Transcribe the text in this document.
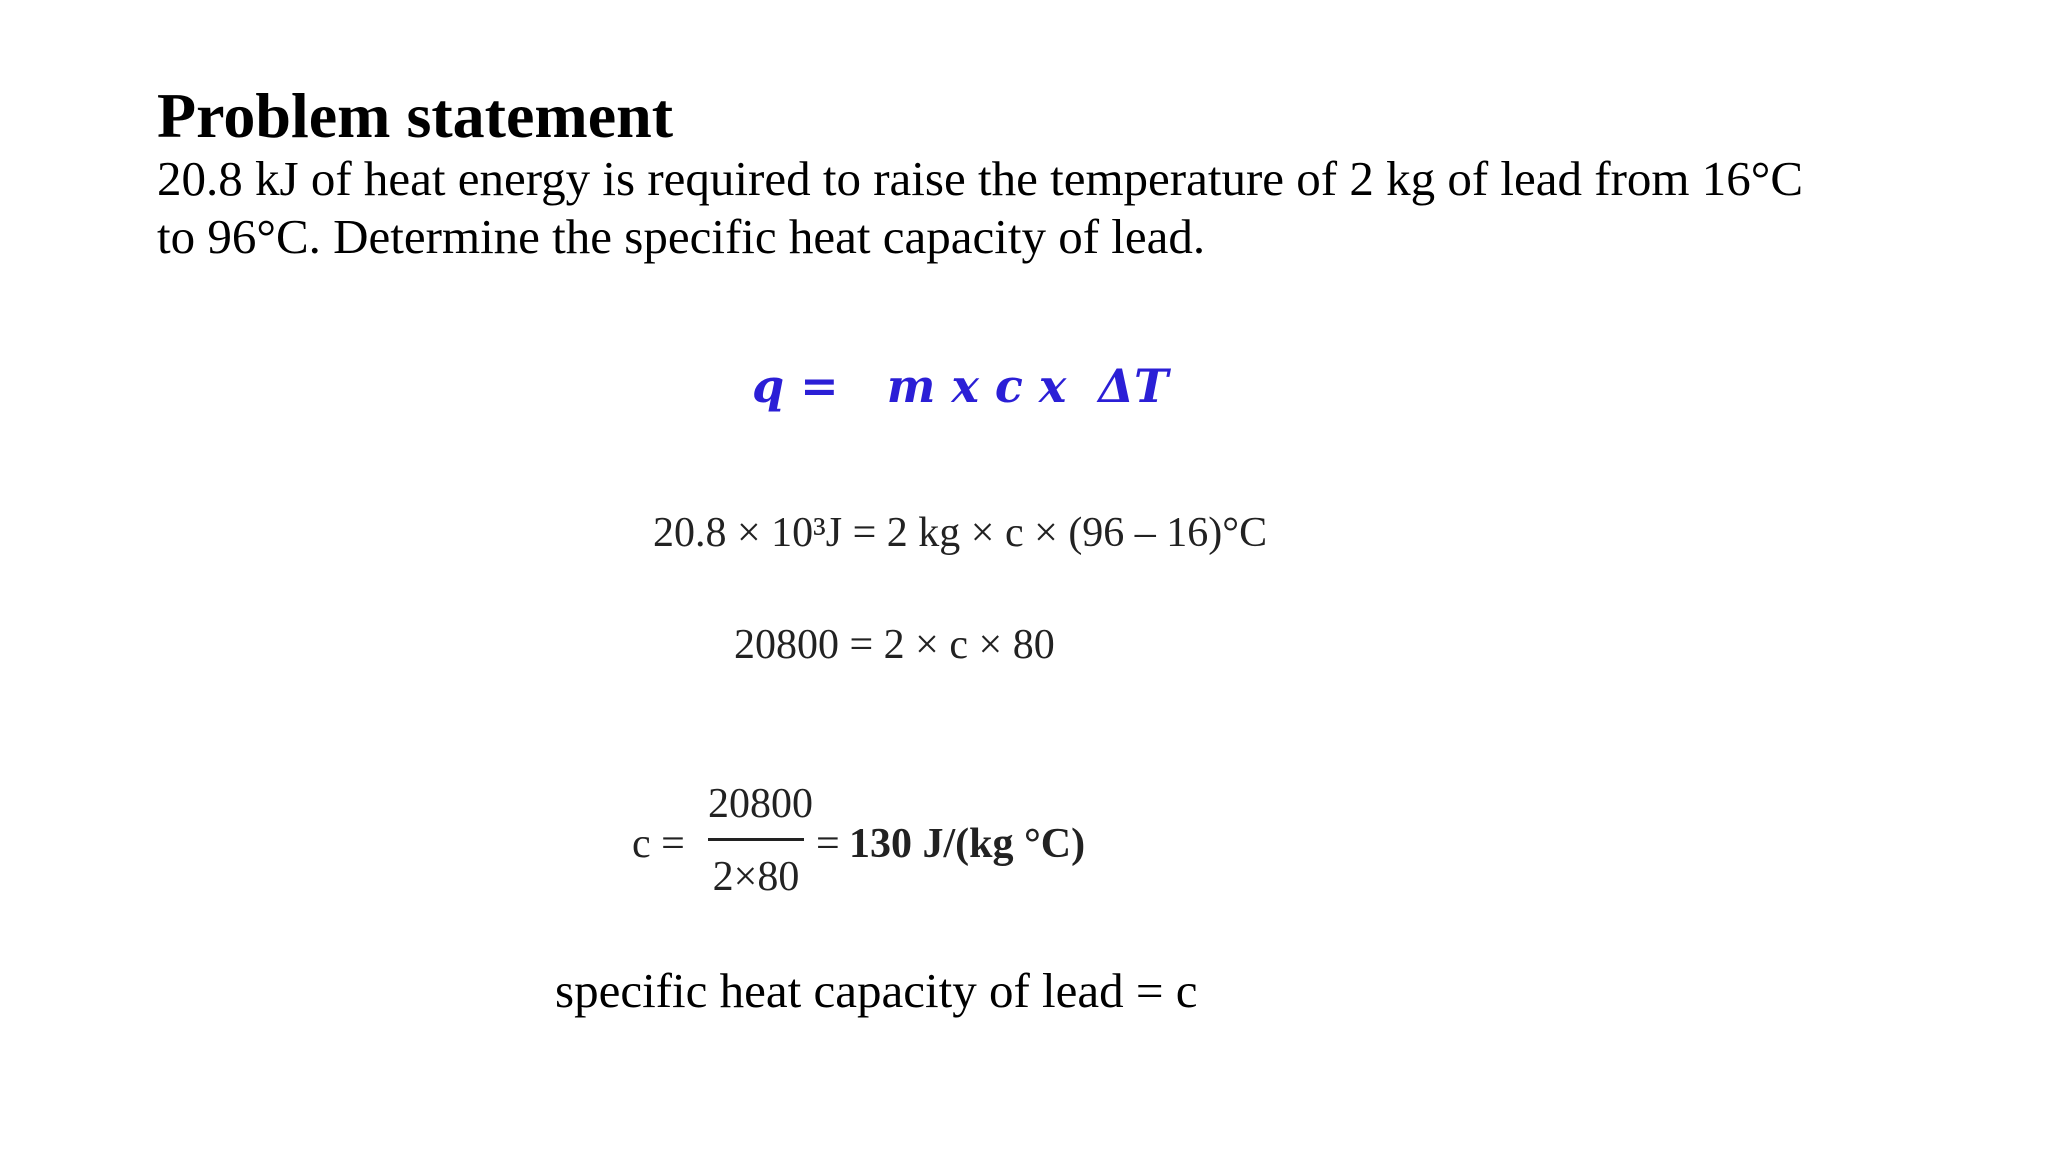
Problem statement
20.8 kJ of heat energy is required to raise the temperature of 2 kg of lead from 16°C
to 96°C. Determine the specific heat capacity of lead.
q =   m x c x  ΔT
20.8 × 10³J = 2 kg × c × (96 – 16)°C
20800 = 2 × c × 80
c =
20800
2×80
= 130 J/(kg °C)
specific heat capacity of lead = c
